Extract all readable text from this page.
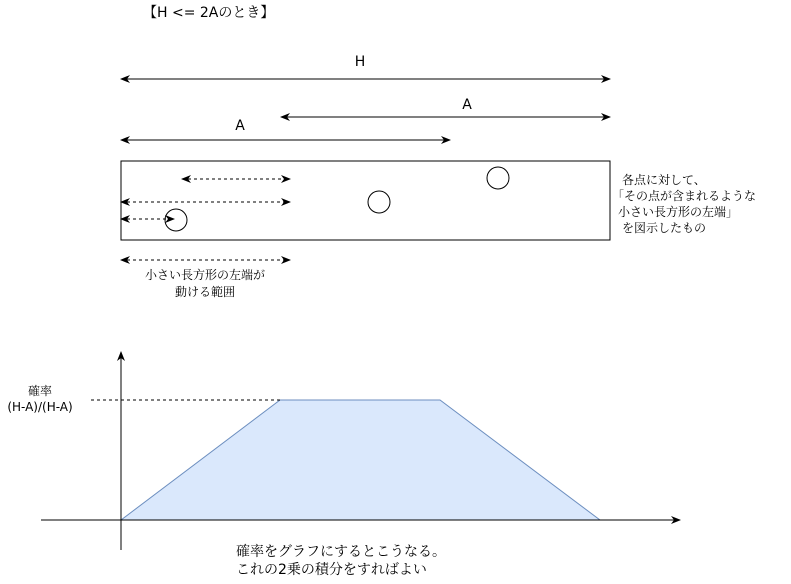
【H <= 2Aのとき】
H
A
A
各点に対して、
「その点が含まれるような
小さい長方形の左端」
を図示したもの
小さい長方形の左端が
動ける範囲
確率
(H-A)/(H-A)
確率をグラフにするとこうなる。
これの2乗の積分をすればよい
